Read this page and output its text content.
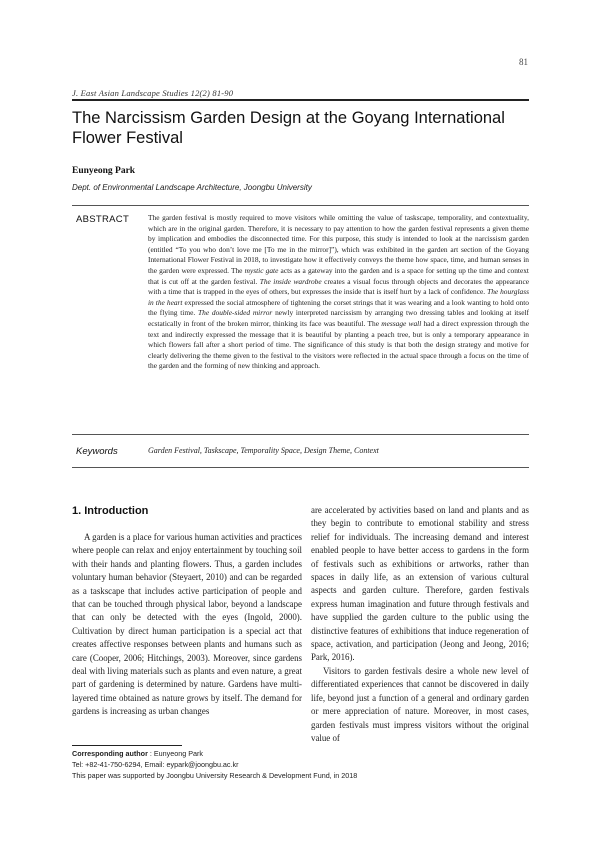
81
J. East Asian Landscape Studies 12(2) 81-90
The Narcissism Garden Design at the Goyang International Flower Festival
Eunyeong Park
Dept. of Environmental Landscape Architecture, Joongbu University
ABSTRACT	The garden festival is mostly required to move visitors while omitting the value of taskscape, temporality, and contextuality, which are in the original garden. Therefore, it is necessary to pay attention to how the garden festival represents a given theme by implication and embodies the disconnected time. For this purpose, this study is intended to look at the narcissism garden (entitled “To you who don’t love me [To me in the mirror]”), which was exhibited in the garden art section of the Goyang International Flower Festival in 2018, to investigate how it effectively conveys the theme how space, time, and human senses in the garden were expressed. The mystic gate acts as a gateway into the garden and is a space for setting up the time and context that is cut off at the garden festival. The inside wardrobe creates a visual focus through objects and decorates the appearance with a time that is trapped in the eyes of others, but expresses the inside that is itself hurt by a lack of confidence. The hourglass in the heart expressed the social atmosphere of tightening the corset strings that it was wearing and a look wanting to hold onto the flying time. The double-sided mirror newly interpreted narcissism by arranging two dressing tables and looking at itself ecstatically in front of the broken mirror, thinking its face was beautiful. The message wall had a direct expression through the text and indirectly expressed the message that it is beautiful by planting a peach tree, but is only a temporary appearance in which flowers fall after a short period of time. The significance of this study is that both the design strategy and motive for clearly delivering the theme given to the festival to the visitors were reflected in the actual space through a focus on the time of the garden and the forming of new thinking and approach.

Keywords	Garden Festival, Taskscape, Temporality Space, Design Theme, Context
1. Introduction

A garden is a place for various human activities and practices where people can relax and enjoy entertainment by touching soil with their hands and planting flowers. Thus, a garden includes voluntary human behavior (Steyaert, 2010) and can be regarded as a taskscape that includes active participation of people and that can be touched through physical labor, beyond a landscape that can only be detected with the eyes (Ingold, 2000). Cultivation by direct human participation is a special act that creates affective responses between plants and humans such as care (Cooper, 2006; Hitchings, 2003). Moreover, since gardens deal with living materials such as plants and even nature, a great part of gardening is determined by nature. Gardens have multi-layered time obtained as nature grows by itself. The demand for gardens is increasing as urban changes

are accelerated by activities based on land and plants and as they begin to contribute to emotional stability and stress relief for individuals. The increasing demand and interest enabled people to have better access to gardens in the form of festivals such as exhibitions or artworks, rather than spaces in daily life, as an extension of various cultural aspects and garden culture. Therefore, garden festivals express human imagination and future through festivals and have supplied the garden culture to the public using the distinctive features of exhibitions that induce regeneration of space, activation, and participation (Jeong and Jeong, 2016; Park, 2016).

Visitors to garden festivals desire a whole new level of differentiated experiences that cannot be discovered in daily life, beyond just a function of a general and ordinary garden or mere appreciation of nature. Moreover, in most cases, garden festivals must impress visitors without the original value of

Corresponding author : Eunyeong Park
Tel: +82-41-750-6294, Email: eypark@joongbu.ac.kr
This paper was supported by Joongbu University Research & Development Fund, in 2018
